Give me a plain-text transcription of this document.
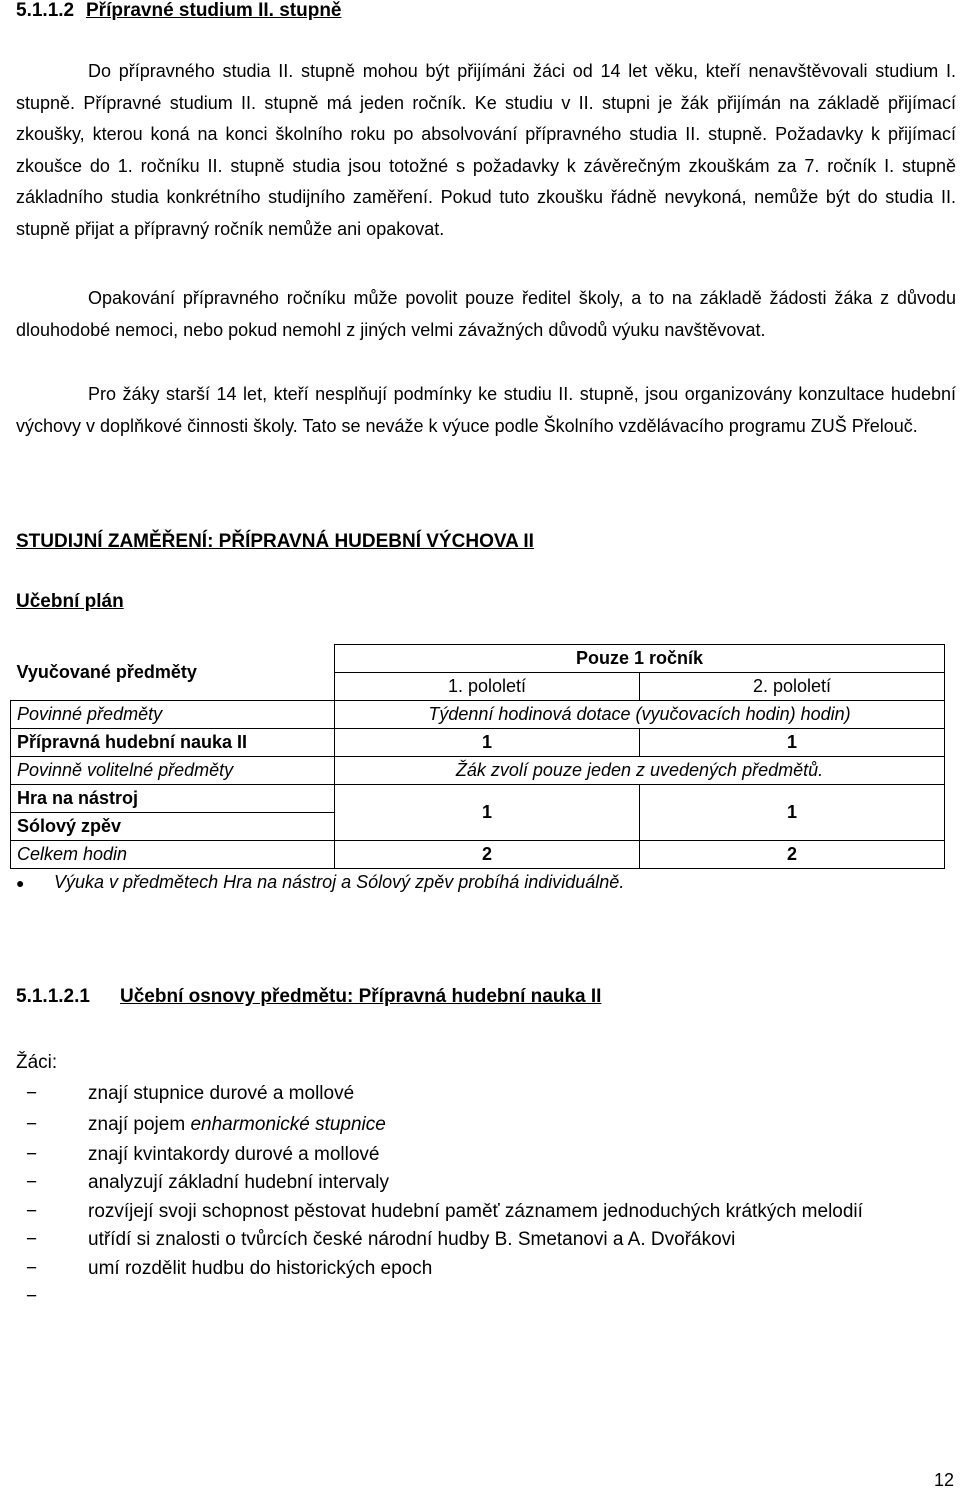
5.1.1.2 Přípravné studium II. stupně
Do přípravného studia II. stupně mohou být přijímáni žáci od 14 let věku, kteří nenavštěvovali studium I. stupně. Přípravné studium II. stupně má jeden ročník. Ke studiu v II. stupni je žák přijímán na základě přijímací zkoušky, kterou koná na konci školního roku po absolvování přípravného studia II. stupně. Požadavky k přijímací zkoušce do 1. ročníku II. stupně studia jsou totožné s požadavky k závěrečným zkouškám za 7. ročník I. stupně základního studia konkrétního studijního zaměření. Pokud tuto zkoušku řádně nevykoná, nemůže být do studia II. stupně přijat a přípravný ročník nemůže ani opakovat.
Opakování přípravného ročníku může povolit pouze ředitel školy, a to na základě žádosti žáka z důvodu dlouhodobé nemoci, nebo pokud nemohl z jiných velmi závažných důvodů výuku navštěvovat.
Pro žáky starší 14 let, kteří nesplňují podmínky ke studiu II. stupně, jsou organizovány konzultace hudební výchovy v doplňkové činnosti školy. Tato se neváže k výuce podle Školního vzdělávacího programu ZUŠ Přelouč.
STUDIJNÍ ZAMĚŘENÍ: PŘÍPRAVNÁ HUDEBNÍ VÝCHOVA II
Učební plán
Vyučované předměty	Pouze 1 ročník	
	1. pololetí	2. pololetí
Povinné předměty	Týdenní hodinová dotace (vyučovacích hodin) hodin)	
Přípravná hudební nauka II	1	1
Povinně volitelné předměty	Žák zvolí pouze jeden z uvedených předmětů.	
Hra na nástroj	1	1
Sólový zpěv		
Celkem hodin	2	2
● Výuka v předmětech Hra na nástroj a Sólový zpěv probíhá individuálně.
5.1.1.2.1 Učební osnovy předmětu: Přípravná hudební nauka II
Žáci:
−	znají stupnice durové a mollové
−	znají pojem enharmonické stupnice
−	znají kvintakordy durové a mollové
−	analyzují základní hudební intervaly
−	rozvíjejí svoji schopnost pěstovat hudební paměť záznamem jednoduchých krátkých melodií
−	utřídí si znalosti o tvůrcích české národní hudby B. Smetanovi a A. Dvořákovi
−	umí rozdělit hudbu do historických epoch
−
12
